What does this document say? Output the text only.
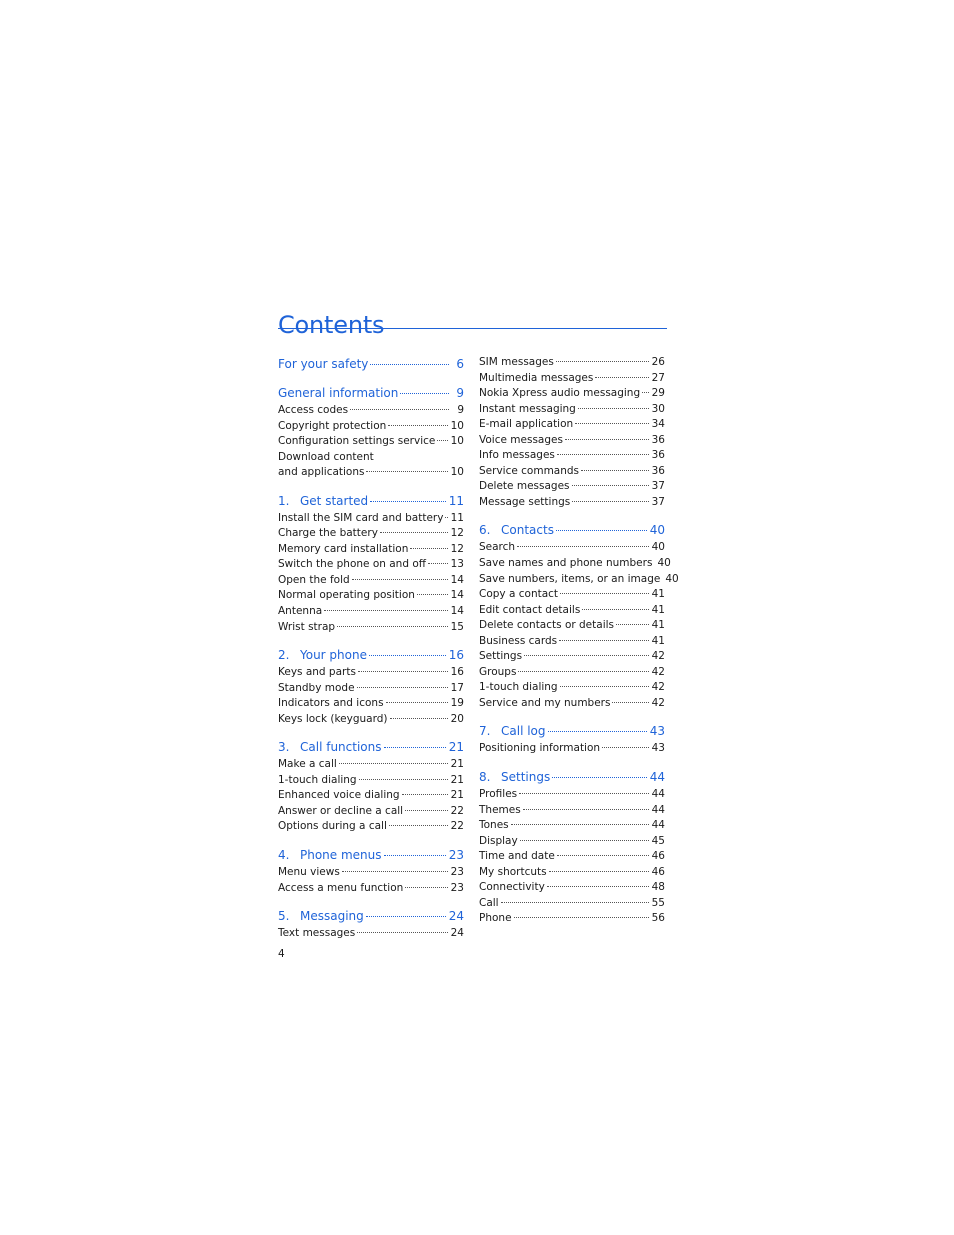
Contents
For your safety	6
General information	9
Access codes	9
Copyright protection	10
Configuration settings service 10
Download content
and applications	10
1. Get started	11
Install the SIM card and battery 11
Charge the battery	12
Memory card installation	12
Switch the phone on and off 13
Open the fold	14
Normal operating position	14
Antenna	14
Wrist strap	15
2. Your phone	16
Keys and parts	16
Standby mode	17
Indicators and icons	19
Keys lock (keyguard)	20
3. Call functions	21
Make a call	21
1-touch dialing	21
Enhanced voice dialing	21
Answer or decline a call	22
Options during a call	22
4. Phone menus	23
Menu views	23
Access a menu function	23
5. Messaging	24
Text messages	24
SIM messages	26
Multimedia messages	27
Nokia Xpress audio messaging 29
Instant messaging	30
E-mail application	34
Voice messages	36
Info messages	36
Service commands	36
Delete messages	37
Message settings	37
6. Contacts	40
Search	40
Save names and phone numbers 40
Save numbers, items, or an image 40
Copy a contact	41
Edit contact details	41
Delete contacts or details	41
Business cards	41
Settings	42
Groups	42
1-touch dialing	42
Service and my numbers	42
7. Call log	43
Positioning information	43
8. Settings	44
Profiles	44
Themes	44
Tones	44
Display	45
Time and date	46
My shortcuts	46
Connectivity	48
Call	55
Phone	56
4
